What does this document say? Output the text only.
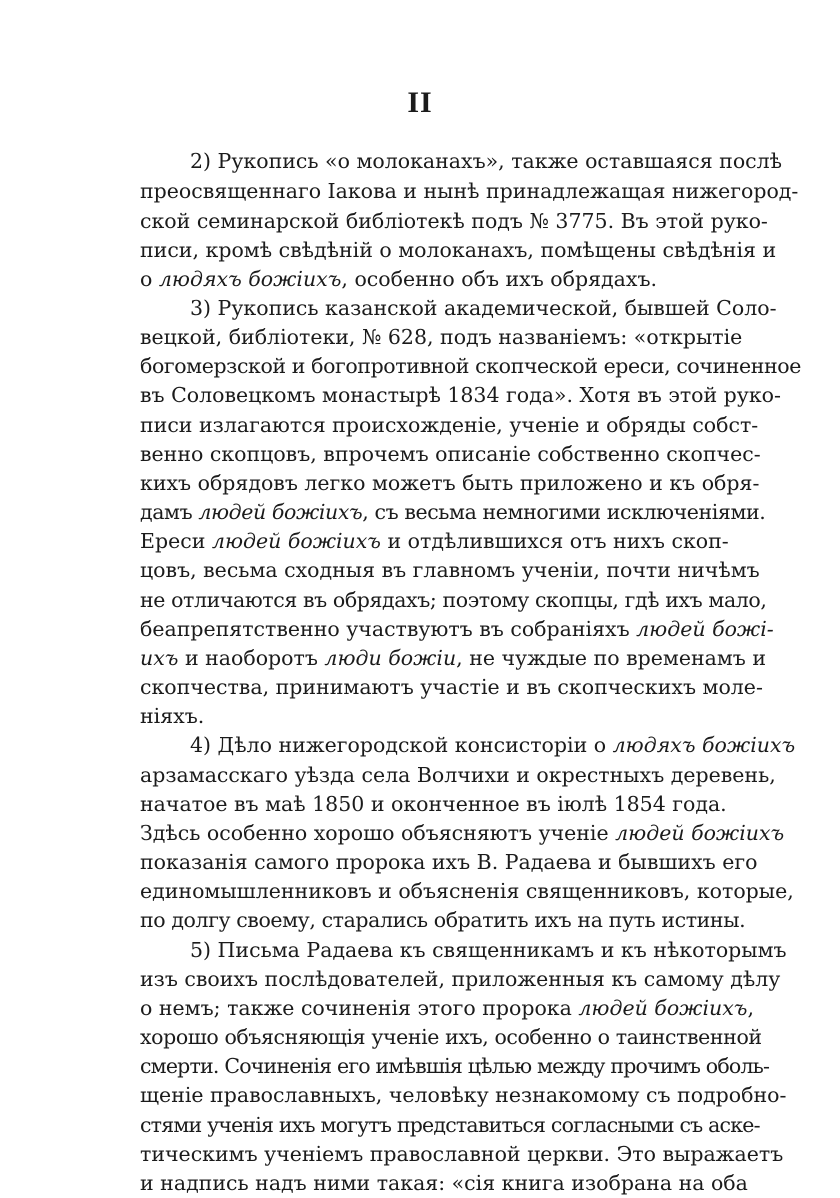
II
2) Рукопись «о молоканахъ», также оставшаяся послѣ
преосвященнаго Іакова и нынѣ принадлежащая нижегород-
ской семинарской библіотекѣ подъ № 3775. Въ этой руко-
писи, кромѣ свѣдѣній о молоканахъ, помѣщены свѣдѣнія и
о людяхъ божіихъ, особенно объ ихъ обрядахъ.
3) Рукопись казанской академической, бывшей Соло-
вецкой, библіотеки, № 628, подъ названіемъ: «открытіе
богомерзской и богопротивной скопческой ереси, сочиненное
въ Соловецкомъ монастырѣ 1834 года». Хотя въ этой руко-
писи излагаются происхожденіе, ученіе и обряды собст-
венно скопцовъ, впрочемъ описаніе собственно скопчес-
кихъ обрядовъ легко можетъ быть приложено и къ обря-
дамъ людей божіихъ, съ весьма немногими исключеніями.
Ереси людей божіихъ и отдѣлившихся отъ нихъ скоп-
цовъ, весьма сходныя въ главномъ ученіи, почти ничѣмъ
не отличаются въ обрядахъ; поэтому скопцы, гдѣ ихъ мало,
беапрепятственно участвуютъ въ собраніяхъ людей божі-
ихъ и наоборотъ люди божіи, не чуждые по временамъ и
скопчества, принимаютъ участіе и въ скопческихъ моле-
ніяхъ.
4) Дѣло нижегородской консисторіи о людяхъ божіихъ
арзамасскаго уѣзда села Волчихи и окрестныхъ деревень,
начатое въ маѣ 1850 и оконченное въ іюлѣ 1854 года.
Здѣсь особенно хорошо объясняютъ ученіе людей божіихъ
показанія самого пророка ихъ В. Радаева и бывшихъ его
единомышленниковъ и объясненія священниковъ, которые,
по долгу своему, старались обратить ихъ на путь истины.
5) Письма Радаева къ священникамъ и къ нѣкоторымъ
изъ своихъ послѣдователей, приложенныя къ самому дѣлу
о немъ; также сочиненія этого пророка людей божіихъ,
хорошо объясняющія ученіе ихъ, особенно о таинственной
смерти. Сочиненія его имѣвшія цѣлью между прочимъ оболь-
щеніе православныхъ, человѣку незнакомому съ подробно-
стями ученія ихъ могутъ представиться согласными съ аске-
тическимъ ученіемъ православной церкви. Это выражаетъ
и надпись надъ ними такая: «сія книга изобрана на оба
